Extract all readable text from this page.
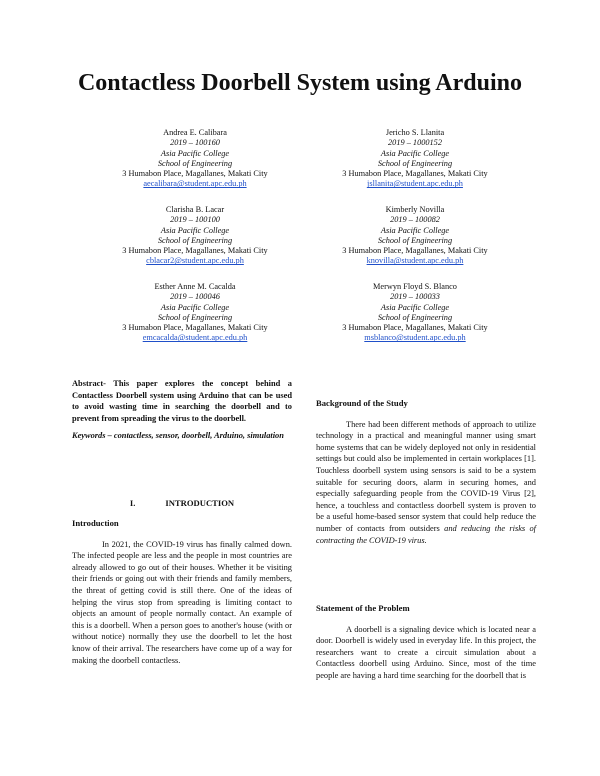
Contactless Doorbell System using Arduino
Andrea E. Calibara
2019 – 100160
Asia Pacific College
School of Engineering
3 Humabon Place, Magallanes, Makati City
aecalibara@student.apc.edu.ph
Jericho S. Llanita
2019 – 1000152
Asia Pacific College
School of Engineering
3 Humabon Place, Magallanes, Makati City
jsllanita@student.apc.edu.ph
Clarisha B. Lacar
2019 – 100100
Asia Pacific College
School of Engineering
3 Humabon Place, Magallanes, Makati City
cblacar2@student.apc.edu.ph
Kimberly Novilla
2019 – 100082
Asia Pacific College
School of Engineering
3 Humabon Place, Magallanes, Makati City
knovilla@student.apc.edu.ph
Esther Anne M. Cacalda
2019 – 100046
Asia Pacific College
School of Engineering
3 Humabon Place, Magallanes, Makati City
emcacalda@student.apc.edu.ph
Merwyn Floyd S. Blanco
2019 – 100033
Asia Pacific College
School of Engineering
3 Humabon Place, Magallanes, Makati City
msblanco@student.apc.edu.ph
Abstract- This paper explores the concept behind a Contactless Doorbell system using Arduino that can be used to avoid wasting time in searching the doorbell and to prevent from spreading the virus to the doorbell.
Keywords – contactless, sensor, doorbell, Arduino, simulation
I.	INTRODUCTION
Introduction

In 2021, the COVID-19 virus has finally calmed down. The infected people are less and the people in most countries are already allowed to go out of their houses. Whether it be visiting their friends or going out with their friends and family members, the threat of getting covid is still there. One of the ideas of helping the virus stop from spreading is limiting contact to objects an amount of people normally contact. An example of this is a doorbell. When a person goes to another's house (with or without notice) normally they use the doorbell to let the host know of their arrival. The researchers have come up of a way for making the doorbell contactless.

Background of the Study

There had been different methods of approach to utilize technology in a practical and meaningful manner using smart home systems that can be widely deployed not only in residential settings but could also be implemented in certain workplaces [1]. Touchless doorbell system using sensors is said to be a system suitable for securing doors, alarm in securing homes, and especially safeguarding people from the COVID-19 Virus [2], hence, a touchless and contactless doorbell system is proven to be a useful home-based sensor system that could help reduce the number of contacts from outsiders and reducing the risks of contracting the COVID-19 virus.

Statement of the Problem

A doorbell is a signaling device which is located near a door. Doorbell is widely used in everyday life. In this project, the researchers want to create a circuit simulation about a Contactless doorbell using Arduino. Since, most of the time people are having a hard time searching for the doorbell that is
